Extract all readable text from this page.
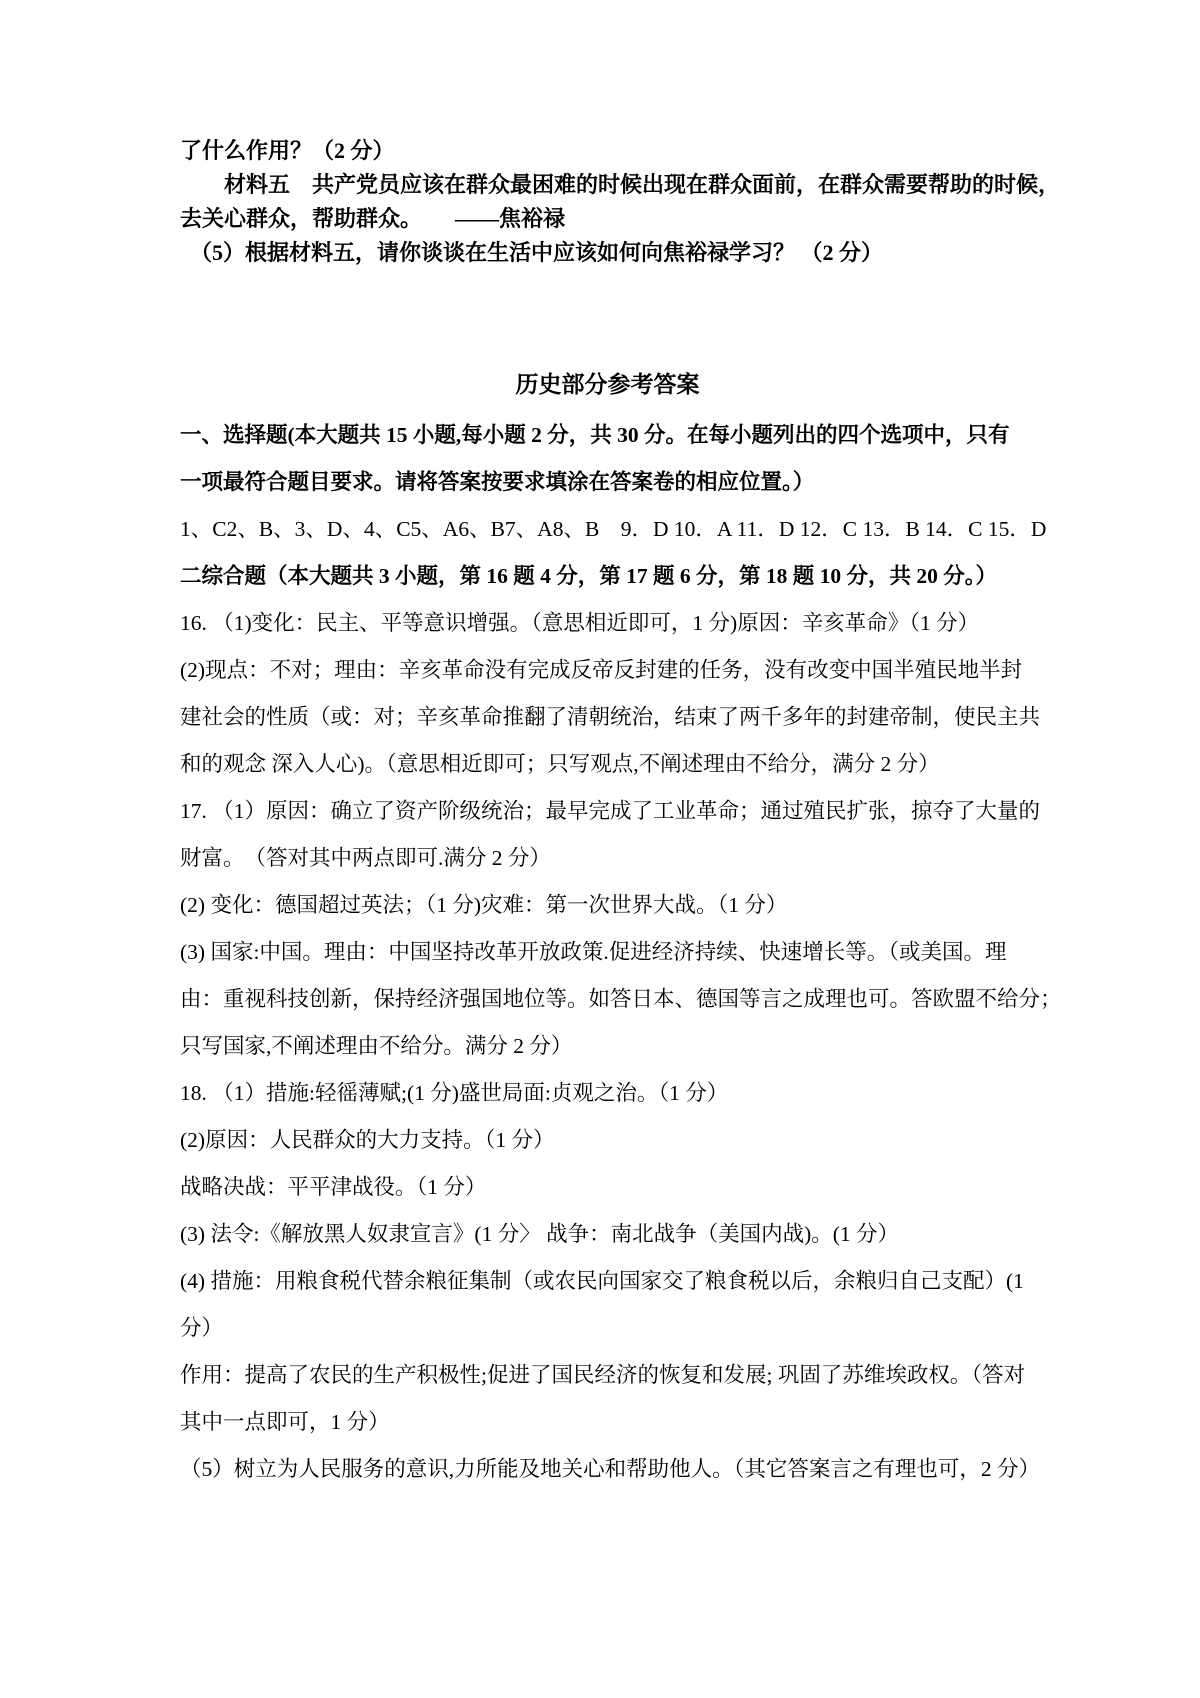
了什么作用？（2 分）

材料五　共产党员应该在群众最困难的时候出现在群众面前，在群众需要帮助的时候，

去关心群众，帮助群众。　　——焦裕禄

（5）根据材料五，请你谈谈在生活中应该如何向焦裕禄学习？ （2 分）

历史部分参考答案

一、选择题(本大题共 15 小题,每小题 2 分，共 30 分。在每小题列出的四个选项中，只有

一项最符合题目要求。请将答案按要求填涂在答案卷的相应位置。）

1、C2、B、3、D、4、C5、A6、B7、A8、B　9．D 10．A 11．D 12．C 13．B 14．C 15．D

二综合题（本大题共 3 小题，第 16 题 4 分，第 17 题 6 分，第 18 题 10 分，共 20 分。）

16. （1)变化：民主、平等意识增强。（意思相近即可，1 分)原因：辛亥革命》（1 分）

(2)现点：不对；理由：辛亥革命没有完成反帝反封建的任务，没有改变中国半殖民地半封

建社会的性质（或：对；辛亥革命推翻了清朝统治，结束了两千多年的封建帝制，使民主共

和的观念 深入人心)。（意思相近即可；只写观点,不阐述理由不给分，满分 2 分）

17. （1）原因：确立了资产阶级统治；最早完成了工业革命；通过殖民扩张，掠夺了大量的

财富。　（答对其中两点即可.满分 2 分）

(2) 变化：德国超过英法；（1 分)灾难：第一次世界大战。（1 分）

(3) 国家:中国。理由：中国坚持改革开放政策.促进经济持续、快速增长等。（或美国。理

由：重视科技创新，保持经济强国地位等。如答日本、德国等言之成理也可。答欧盟不给分；

只写国家,不阐述理由不给分。满分 2 分）

18. （1）措施:轻徭薄赋;(1 分)盛世局面:贞观之治。（1 分）

(2)原因：人民群众的大力支持。（1 分）

战略决战：平平津战役。（1 分）

(3) 法令:《解放黑人奴隶宣言》(1 分〉 战争：南北战争（美国内战)。(1 分）

(4) 措施：用粮食税代替余粮征集制（或农民向国家交了粮食税以后，余粮归自己支配）(1

分）

作用：提高了农民的生产积极性;促进了国民经济的恢复和发展; 巩固了苏维埃政权。（答对

其中一点即可，1 分）

（5）树立为人民服务的意识,力所能及地关心和帮助他人。（其它答案言之有理也可，2 分）
